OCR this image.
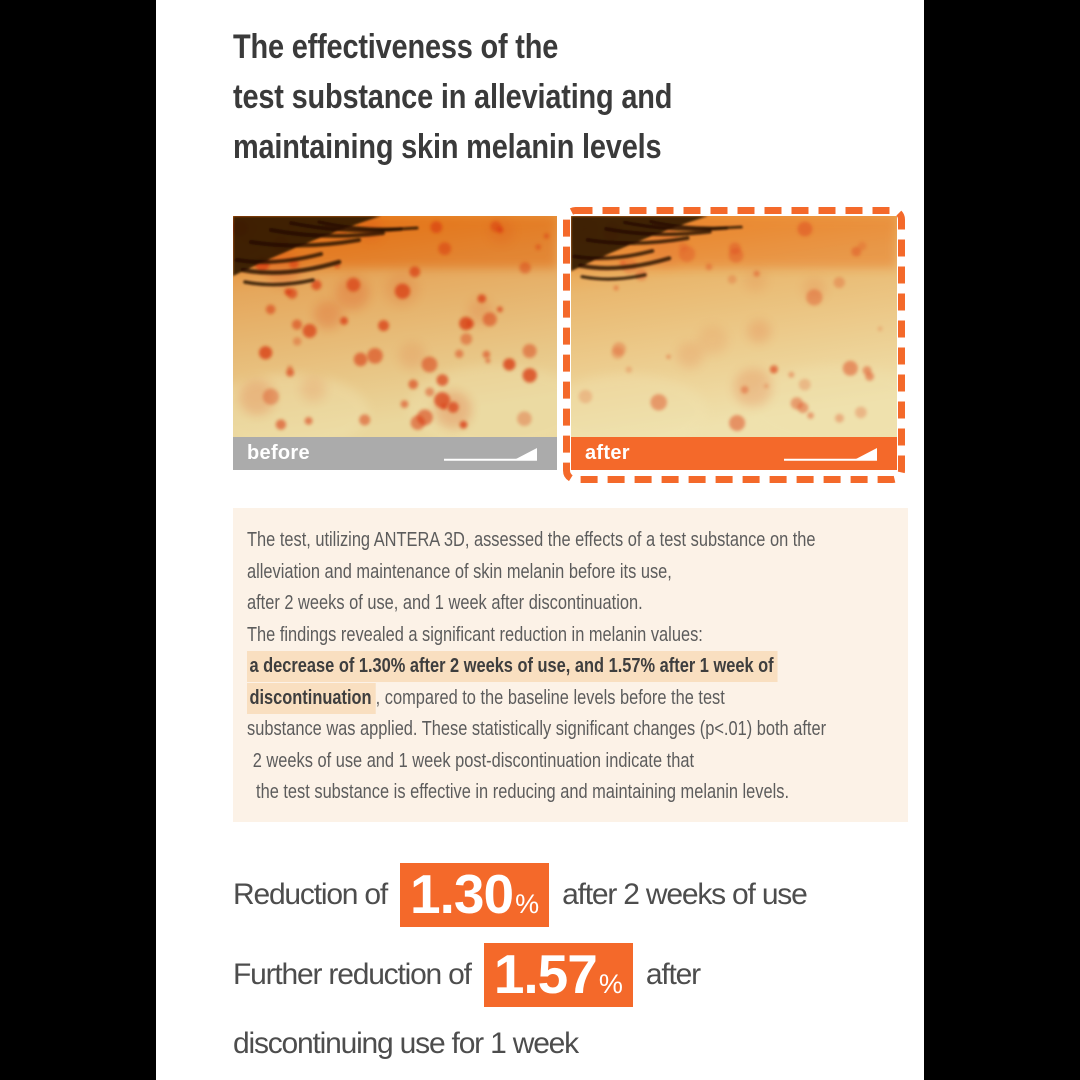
The effectiveness of the
test substance in alleviating and
maintaining skin melanin levels
before	after

The test, utilizing ANTERA 3D, assessed the effects of a test substance on the

alleviation and maintenance of skin melanin before its use,

after 2 weeks of use, and 1 week after discontinuation.

The findings revealed a significant reduction in melanin values:

a decrease of 1.30% after 2 weeks of use, and 1.57% after 1 week of

discontinuation , compared to the baseline levels before the test

substance was applied. These statistically significant changes (p<.01) both after

2 weeks of use and 1 week post-discontinuation indicate that

the test substance is effective in reducing and maintaining melanin levels.

Reduction of 1.30 % after 2 weeks of use
Further reduction of 1.57 % after
discontinuing use for 1 week
